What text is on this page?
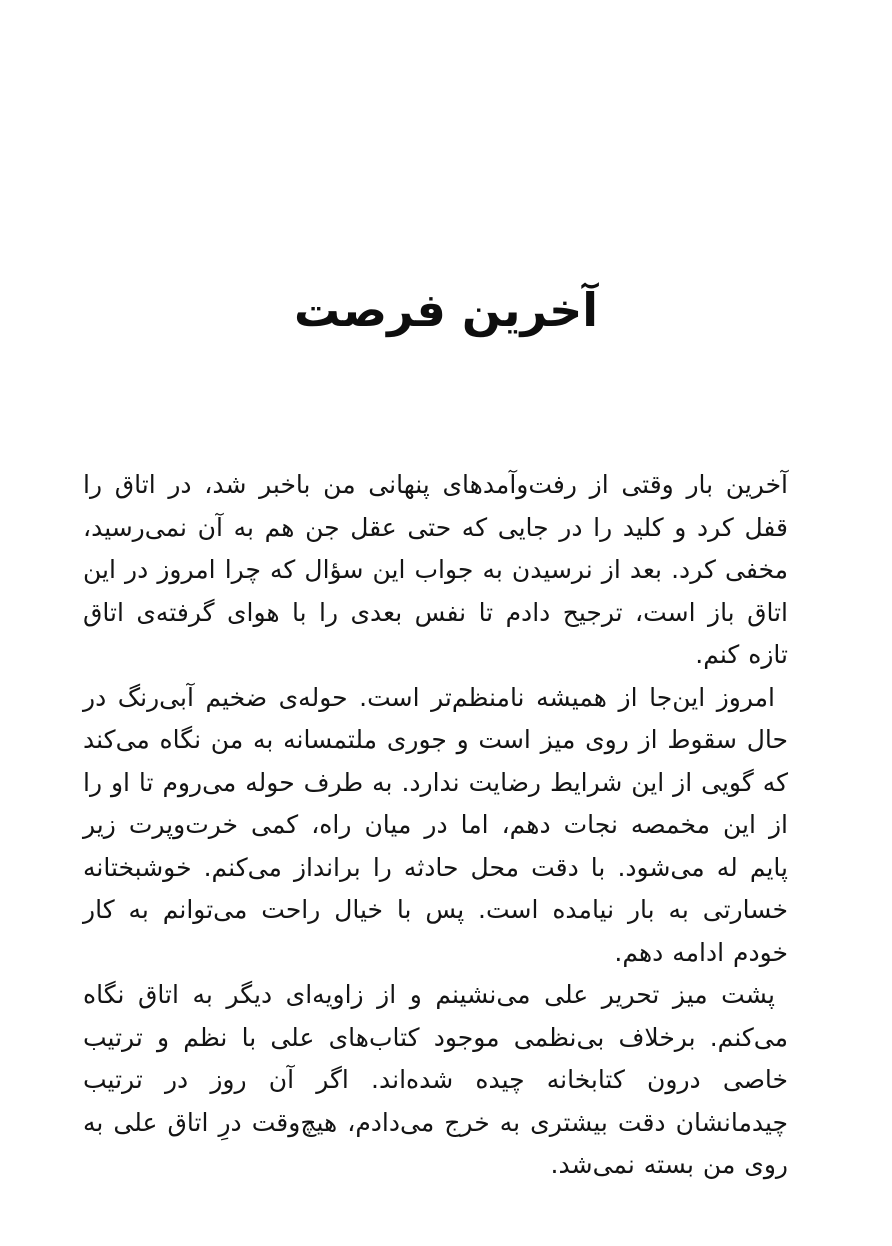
آخرین فرصت

آخرین بار وقتی از رفت‌وآمدهای پنهانی من باخبر شد، در اتاق را قفل کرد و کلید را در جایی که حتی عقل جن هم به آن نمی‌رسید، مخفی کرد. بعد از نرسیدن به جواب این سؤال که چرا امروز در این اتاق باز است، ترجیح دادم تا نفس بعدی را با هوای گرفته‌ی اتاق تازه کنم.

امروز این‌جا از همیشه نامنظم‌تر است. حوله‌ی ضخیم آبی‌رنگ در حال سقوط از روی میز است و جوری ملتمسانه به من نگاه می‌کند که گویی از این شرایط رضایت ندارد. به طرف حوله می‌روم تا او را از این مخمصه نجات دهم، اما در میان راه، کمی خرت‌وپرت زیر پایم له می‌شود. با دقت محل حادثه را برانداز می‌کنم. خوشبختانه خسارتی به بار نیامده است. پس با خیال راحت می‌توانم به کار خودم ادامه دهم.

پشت میز تحریر علی می‌نشینم و از زاویه‌ای دیگر به اتاق نگاه می‌کنم. برخلاف بی‌نظمی موجود کتاب‌های علی با نظم و ترتیب خاصی درون کتابخانه چیده شده‌اند. اگر آن روز در ترتیب چیدمانشان دقت بیشتری به خرج می‌دادم، هیچ‌وقت درِ اتاق علی به روی من بسته نمی‌شد.
